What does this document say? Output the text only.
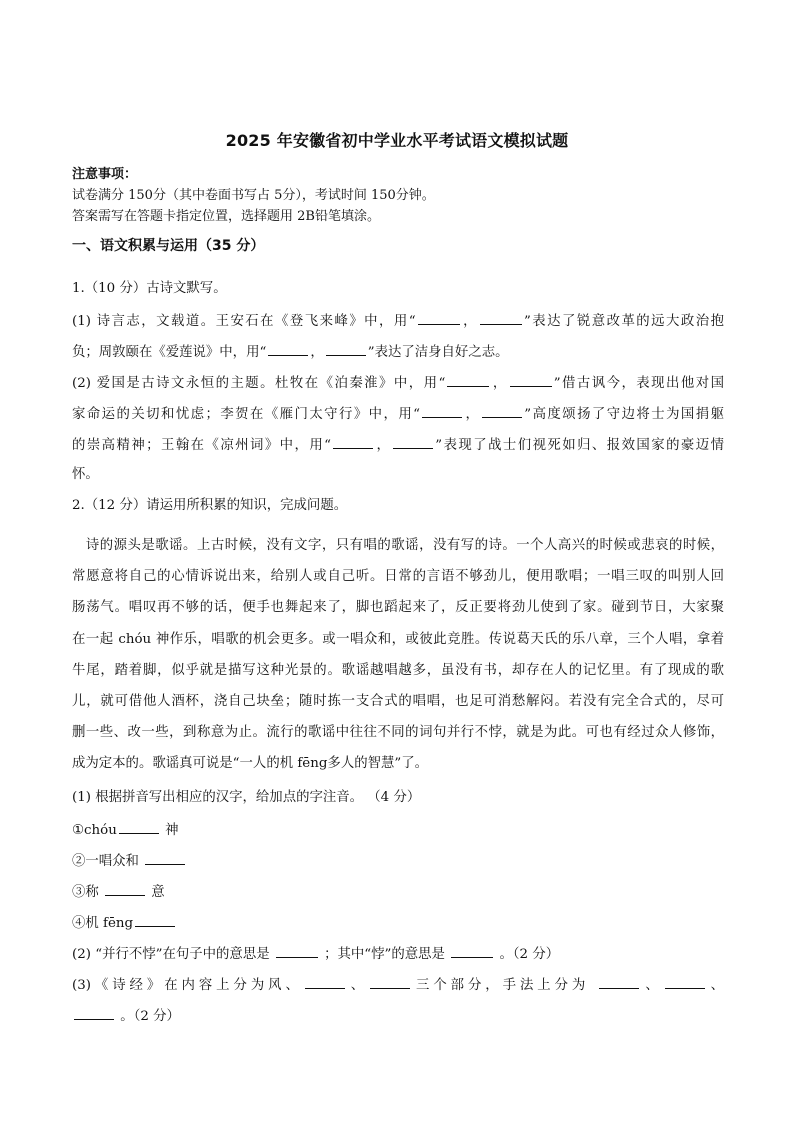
2025 年安徽省初中学业水平考试语文模拟试题
注意事项：
试卷满分 150分（其中卷面书写占 5分），考试时间 150分钟。
答案需写在答题卡指定位置，选择题用 2B铅笔填涂。
一、语文积累与运用（35 分）
1.（10 分）古诗文默写。
(1) 诗言志，文载道。王安石在《登飞来峰》中，用“	，	”表达了锐意改革的远大政治抱
负；周敦颐在《爱莲说》中，用“	，	”表达了洁身自好之志。
(2) 爱国是古诗文永恒的主题。杜牧在《泊秦淮》中，用“	，	”借古讽今，表现出他对国
家命运的关切和忧虑；李贺在《雁门太守行》中，用“	，	”高度颂扬了守边将士为国捐躯
的崇高精神；王翰在《凉州词》中，用“	，	”表现了战士们视死如归、报效国家的豪迈情
怀。
2.（12 分）请运用所积累的知识，完成问题。
　诗的源头是歌谣。上古时候，没有文字，只有唱的歌谣，没有写的诗。一个人高兴的时候或悲哀的时候，
常愿意将自己的心情诉说出来，给别人或自己听。日常的言语不够劲儿，便用歌唱；一唱三叹的叫别人回
肠荡气。唱叹再不够的话，便手也舞起来了，脚也蹈起来了，反正要将劲儿使到了家。碰到节日，大家聚
在一起 chóu 神作乐，唱歌的机会更多。或一唱众和，或彼此竞胜。传说葛天氏的乐八章，三个人唱，拿着
牛尾，踏着脚，似乎就是描写这种光景的。歌谣越唱越多，虽没有书，却存在人的记忆里。有了现成的歌
儿，就可借他人酒杯，浇自己块垒；随时拣一支合式的唱唱，也足可消愁解闷。若没有完全合式的，尽可
删一些、改一些，到称意为止。流行的歌谣中往往不同的词句并行不悖，就是为此。可也有经过众人修饰，
成为定本的。歌谣真可说是“一人的机 fēng多人的智慧”了。
(1) 根据拼音写出相应的汉字，给加点的字注音。 （4 分）
①chóu	神
②一唱众和
③称	意
④机 fēng
(2) “并行不悖”在句子中的意思是	；其中“悖”的意思是	。（2 分）
(3)《诗经》在内容上分为风、	、	三个部分，手法上分为	、	、
。（2 分）
